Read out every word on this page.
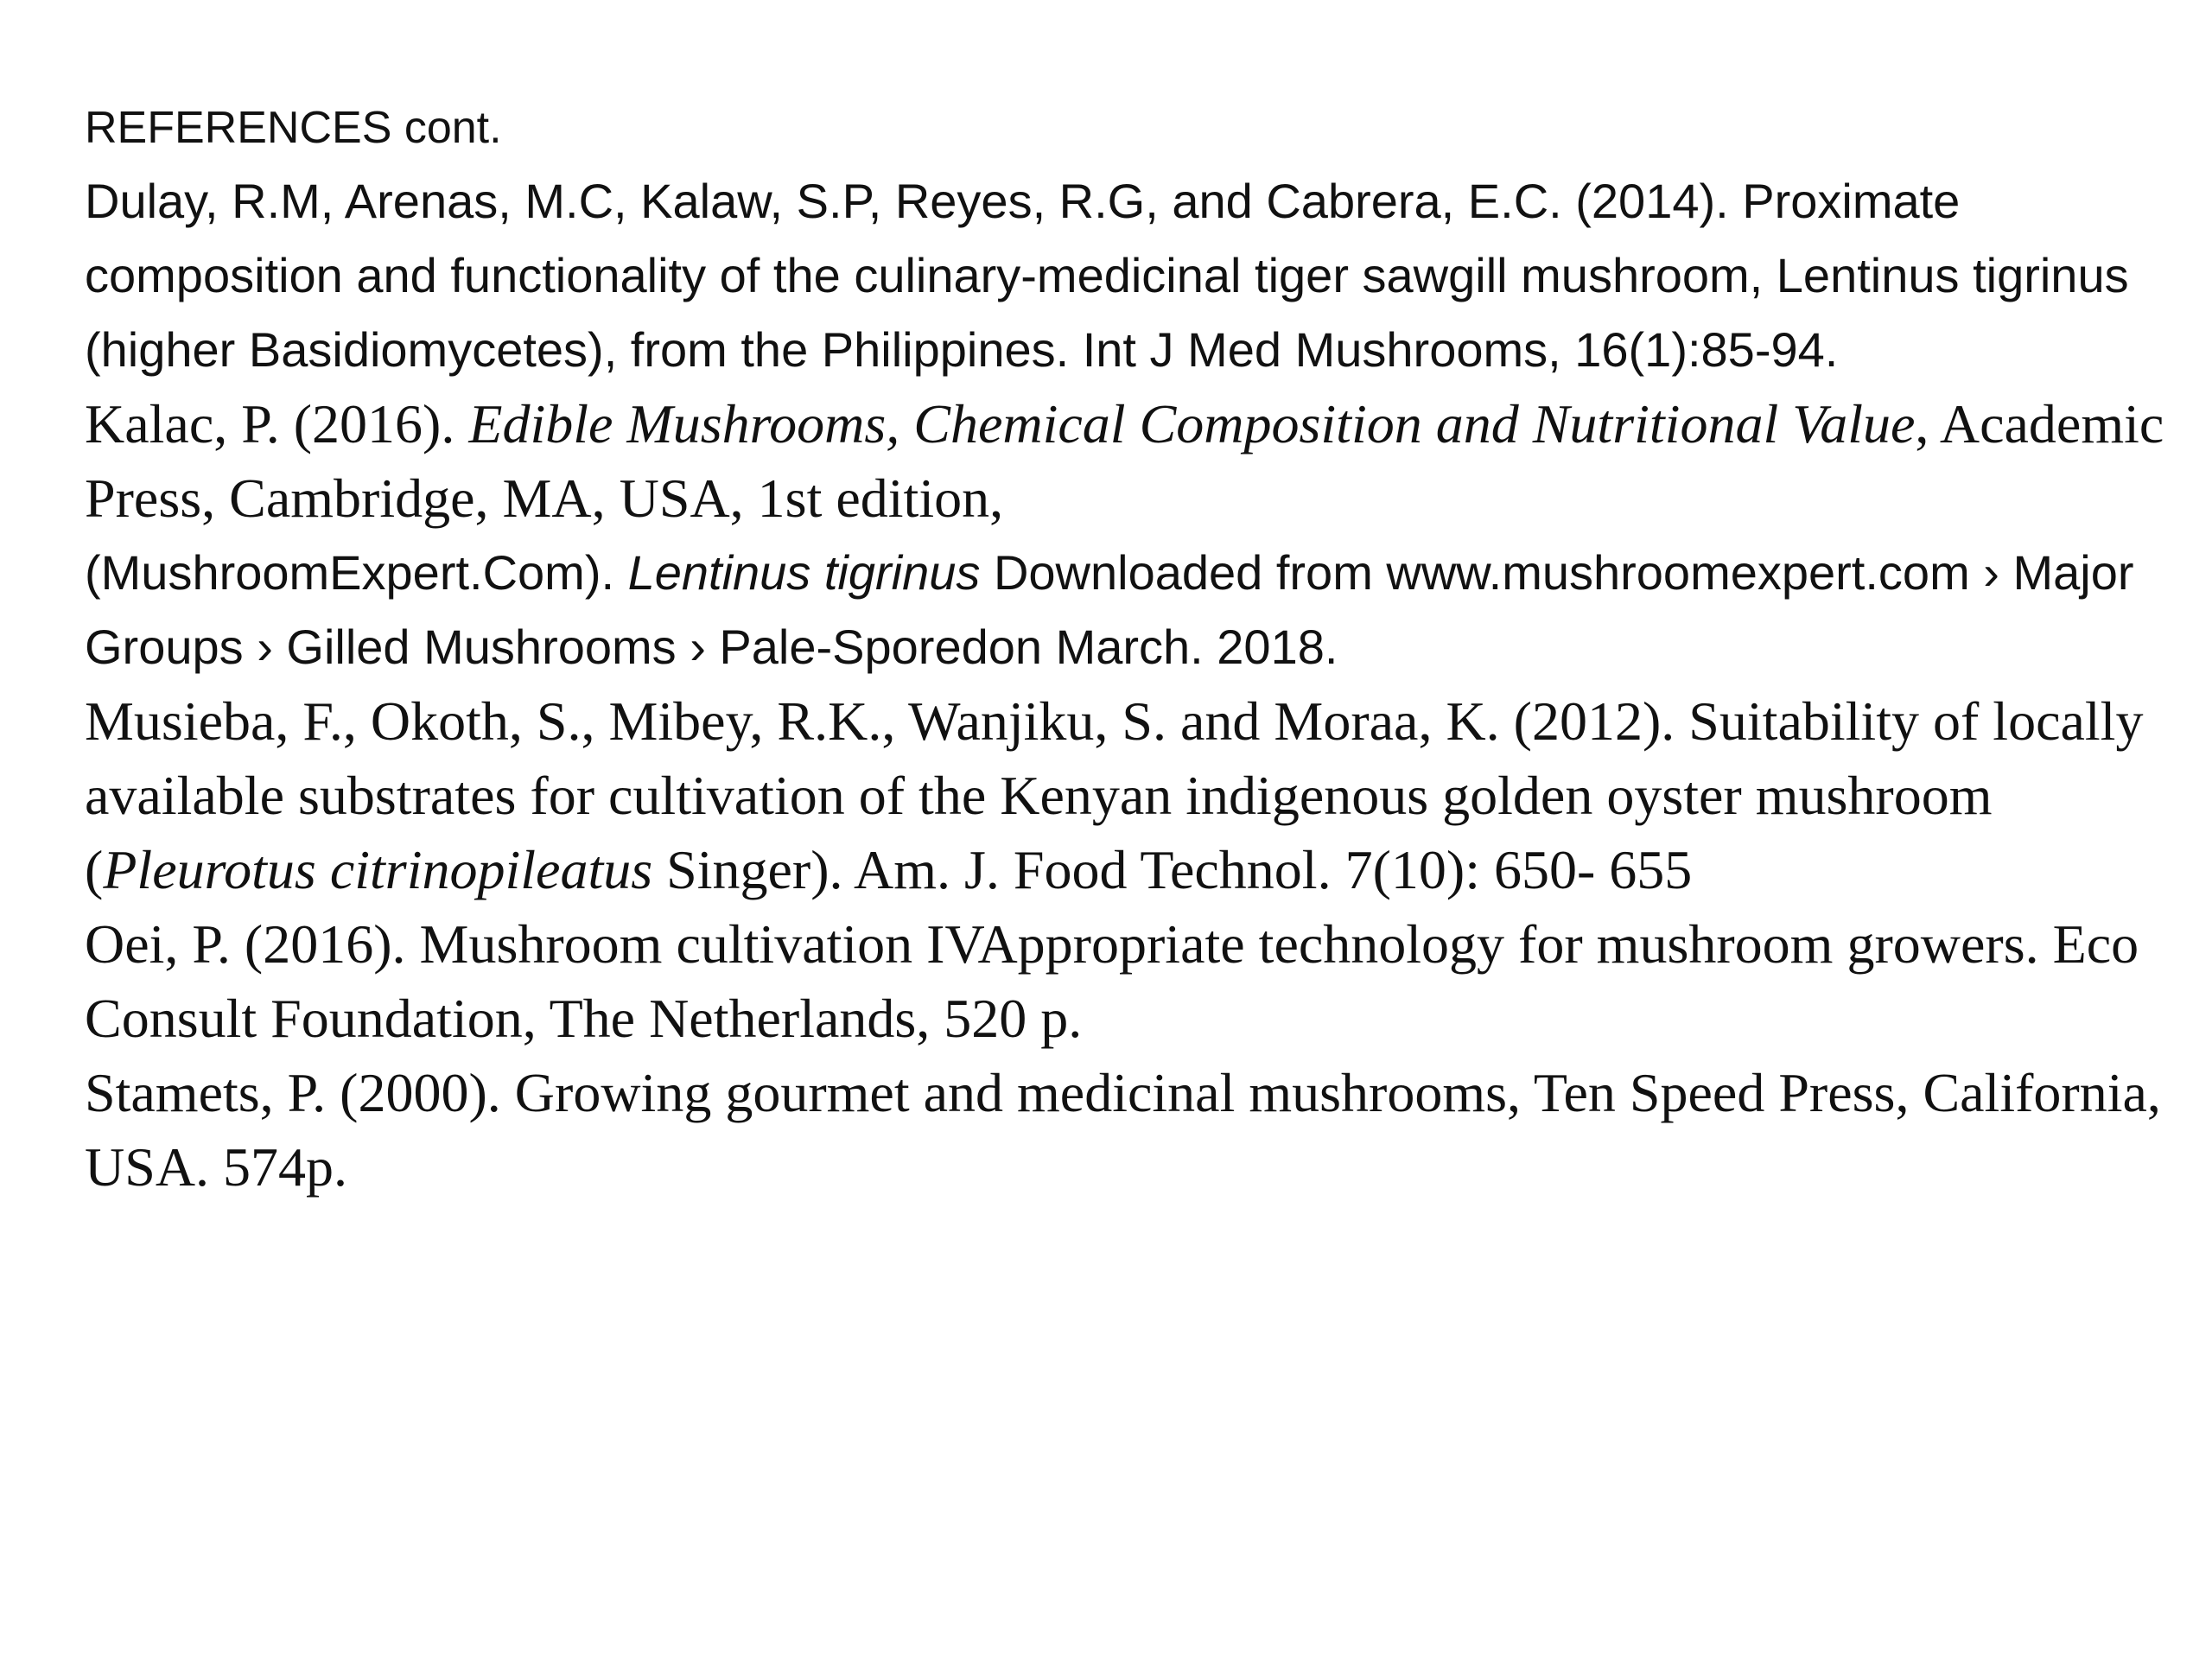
REFERENCES cont.

Dulay, R.M, Arenas, M.C, Kalaw, S.P, Reyes, R.G, and Cabrera, E.C. (2014). Proximate composition and functionality of the culinary-medicinal tiger sawgill mushroom, Lentinus tigrinus (higher Basidiomycetes), from the Philippines. Int J Med Mushrooms, 16(1):85-94.

Kalac, P. (2016). Edible Mushrooms, Chemical Composition and Nutritional Value, Academic Press, Cambridge, MA, USA, 1st edition,

(MushroomExpert.Com). Lentinus tigrinus Downloaded from www.mushroomexpert.com › Major Groups › Gilled Mushrooms › Pale-Sporedon March. 2018.

Musieba, F., Okoth, S., Mibey, R.K., Wanjiku, S. and Moraa, K. (2012). Suitability of locally available substrates for cultivation of the Kenyan indigenous golden oyster mushroom (Pleurotus citrinopileatus Singer). Am. J. Food Technol. 7(10): 650- 655

Oei, P. (2016). Mushroom cultivation IVAppropriate technology for mushroom growers. Eco Consult Foundation, The Netherlands, 520 p.

Stamets, P. (2000). Growing gourmet and medicinal mushrooms, Ten Speed Press, California, USA. 574p.
